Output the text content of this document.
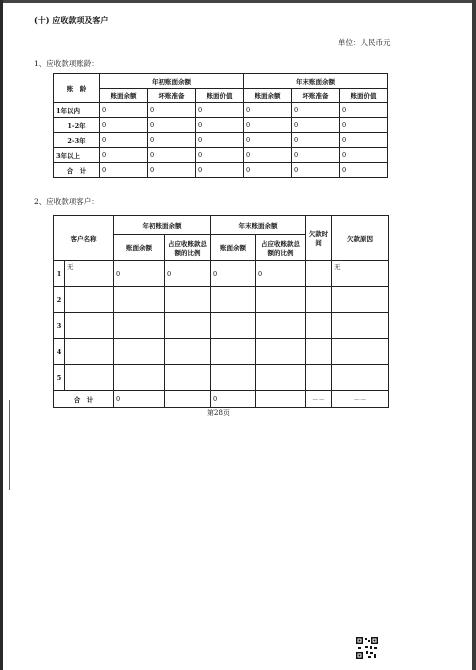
(十) 应收款项及客户
单位：人民币元
1、应收款项账龄：
账　龄	年初账面余额			年末账面余额		
	账面余额	坏账准备	账面价值	账面余额	坏账准备	账面价值
1年以内	0	0	0	0	0	0
1-2年	0	0	0	0	0	0
2-3年	0	0	0	0	0	0
3年以上	0	0	0	0	0	0
合　计	0	0	0	0	0	0
2、应收款项客户：
客户名称		年初账面余额		年末账面余额		欠款时间	欠款原因
		账面余额	占应收账款总额的比例	账面余额	占应收账款总额的比例		
1	无	0	0	0	0		无
2							
3							
4							
5							
合　计		0		0		－－	－－
第28页
